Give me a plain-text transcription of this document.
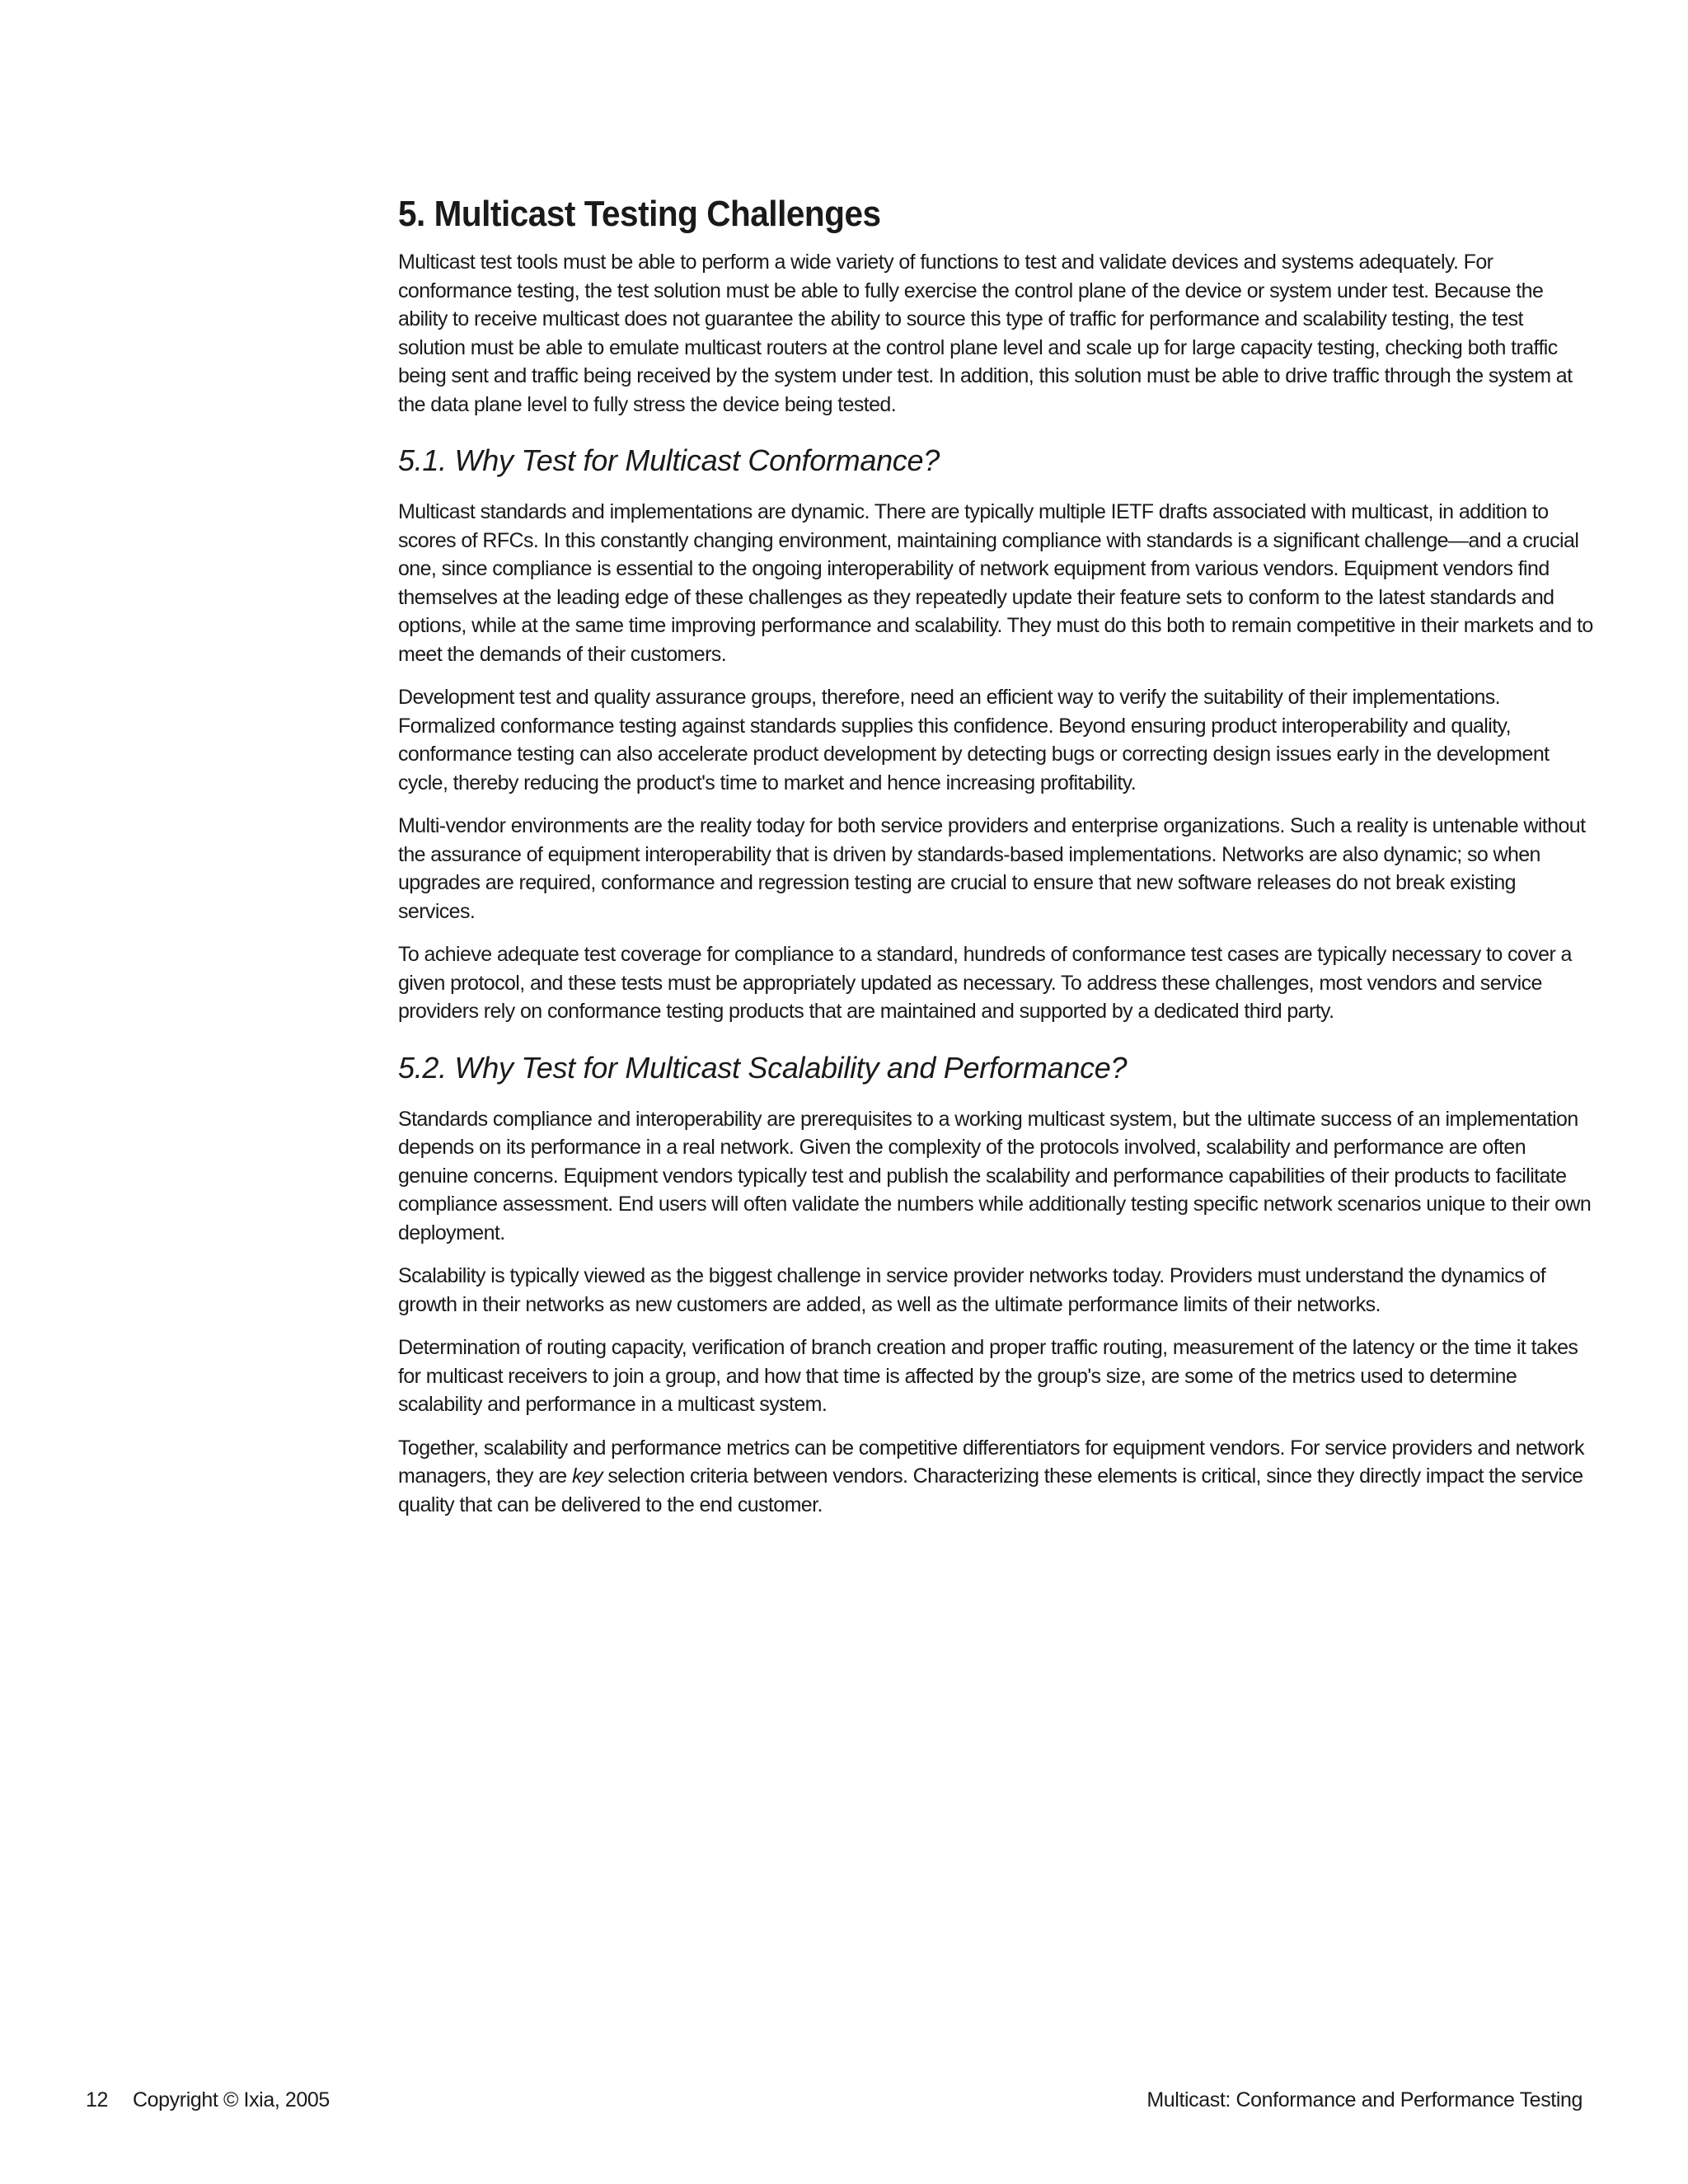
5. Multicast Testing Challenges

Multicast test tools must be able to perform a wide variety of functions to test and validate devices and systems adequately. For conformance testing, the test solution must be able to fully exercise the control plane of the device or system under test. Because the ability to receive multicast does not guarantee the ability to source this type of traffic for performance and scalability testing, the test solution must be able to emulate multicast routers at the control plane level and scale up for large capacity testing, checking both traffic being sent and traffic being received by the system under test. In addition, this solution must be able to drive traffic through the system at the data plane level to fully stress the device being tested.

5.1. Why Test for Multicast Conformance?

Multicast standards and implementations are dynamic. There are typically multiple IETF drafts associated with multicast, in addition to scores of RFCs. In this constantly changing environment, maintaining compliance with standards is a significant challenge—and a crucial one, since compliance is essential to the ongoing interoperability of network equipment from various vendors. Equipment vendors find themselves at the leading edge of these challenges as they repeatedly update their feature sets to conform to the latest standards and options, while at the same time improving performance and scalability. They must do this both to remain competitive in their markets and to meet the demands of their customers.

Development test and quality assurance groups, therefore, need an efficient way to verify the suitability of their implementations. Formalized conformance testing against standards supplies this confidence. Beyond ensuring product interoperability and quality, conformance testing can also accelerate product development by detecting bugs or correcting design issues early in the development cycle, thereby reducing the product's time to market and hence increasing profitability.

Multi-vendor environments are the reality today for both service providers and enterprise organizations. Such a reality is untenable without the assurance of equipment interoperability that is driven by standards-based implementations. Networks are also dynamic; so when upgrades are required, conformance and regression testing are crucial to ensure that new software releases do not break existing services.

To achieve adequate test coverage for compliance to a standard, hundreds of conformance test cases are typically necessary to cover a given protocol, and these tests must be appropriately updated as necessary. To address these challenges, most vendors and service providers rely on conformance testing products that are maintained and supported by a dedicated third party.

5.2. Why Test for Multicast Scalability and Performance?

Standards compliance and interoperability are prerequisites to a working multicast system, but the ultimate success of an implementation depends on its performance in a real network. Given the complexity of the protocols involved, scalability and performance are often genuine concerns. Equipment vendors typically test and publish the scalability and performance capabilities of their products to facilitate compliance assessment. End users will often validate the numbers while additionally testing specific network scenarios unique to their own deployment.

Scalability is typically viewed as the biggest challenge in service provider networks today. Providers must understand the dynamics of growth in their networks as new customers are added, as well as the ultimate performance limits of their networks.

Determination of routing capacity, verification of branch creation and proper traffic routing, measurement of the latency or the time it takes for multicast receivers to join a group, and how that time is affected by the group's size, are some of the metrics used to determine scalability and performance in a multicast system.

Together, scalability and performance metrics can be competitive differentiators for equipment vendors. For service providers and network managers, they are key selection criteria between vendors. Characterizing these elements is critical, since they directly impact the service quality that can be delivered to the end customer.

12 Copyright © Ixia, 2005	Multicast: Conformance and Performance Testing
